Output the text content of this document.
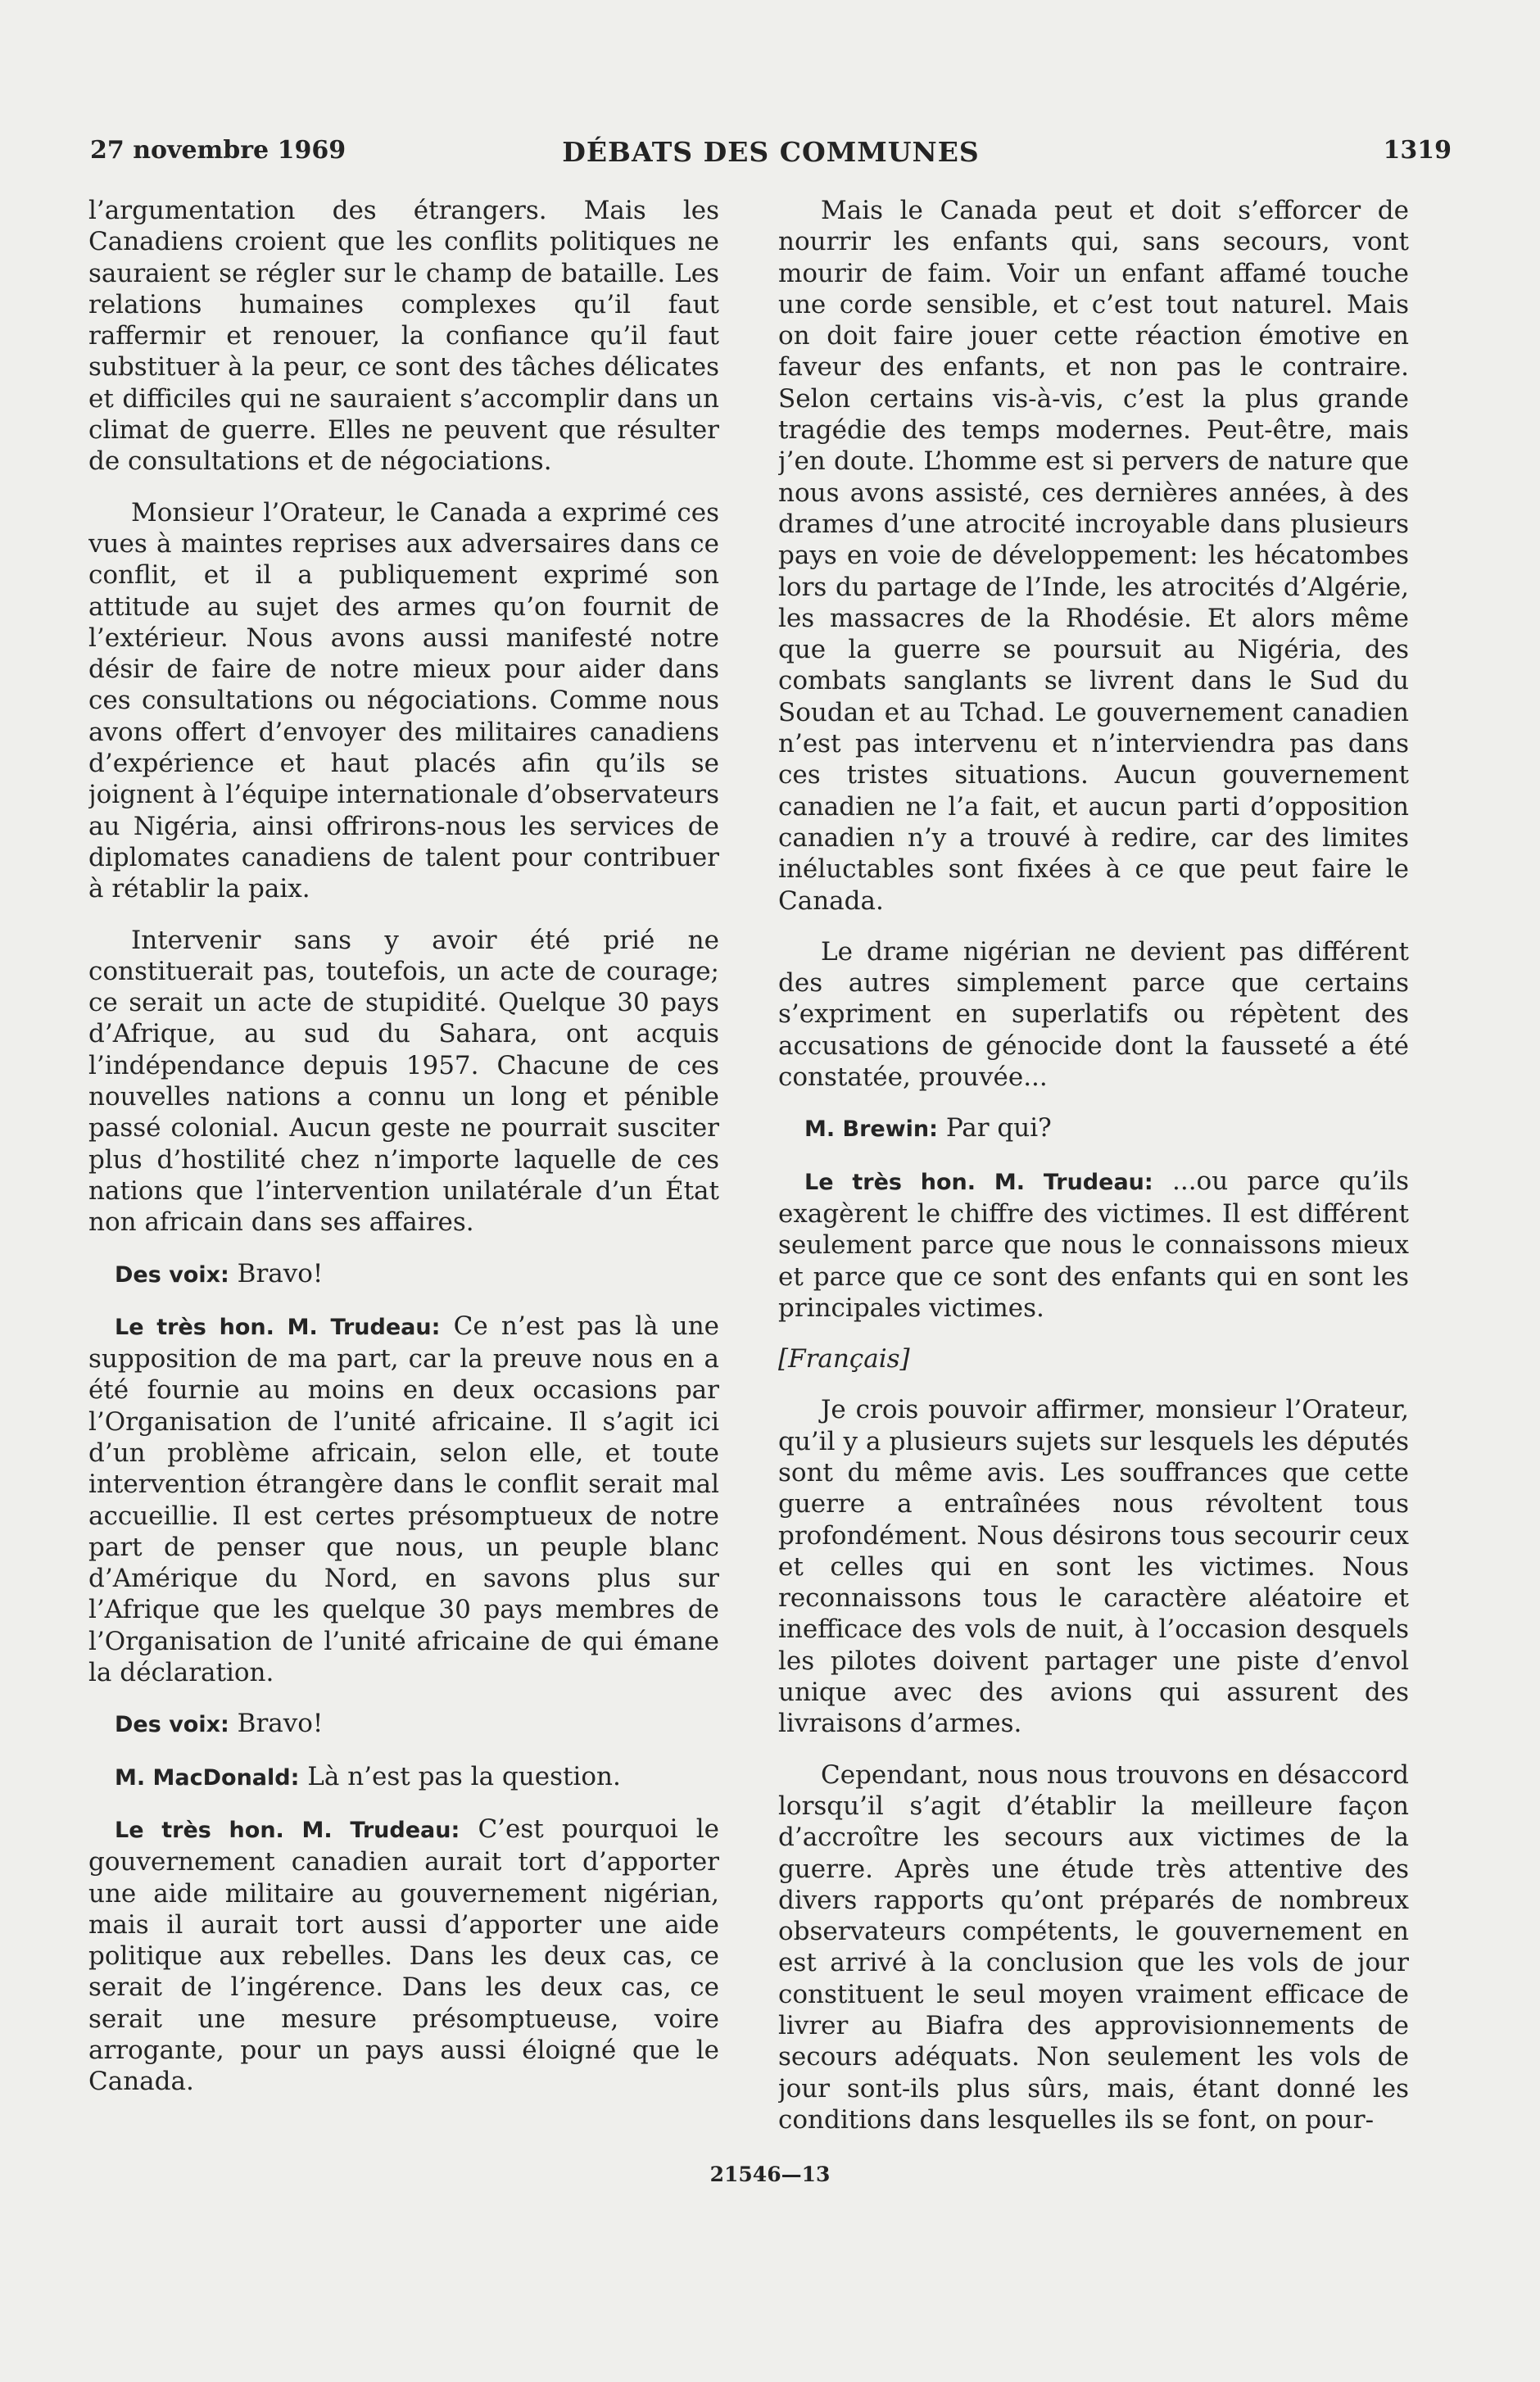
27 novembre 1969	DÉBATS DES COMMUNES	1319

l’argumentation des étrangers. Mais les Canadiens croient que les conflits politiques ne sauraient se régler sur le champ de bataille. Les relations humaines complexes qu’il faut raffermir et renouer, la confiance qu’il faut substituer à la peur, ce sont des tâches délicates et difficiles qui ne sauraient s’accomplir dans un climat de guerre. Elles ne peuvent que résulter de consultations et de négociations.

Monsieur l’Orateur, le Canada a exprimé ces vues à maintes reprises aux adversaires dans ce conflit, et il a publiquement exprimé son attitude au sujet des armes qu’on fournit de l’extérieur. Nous avons aussi manifesté notre désir de faire de notre mieux pour aider dans ces consultations ou négociations. Comme nous avons offert d’envoyer des militaires canadiens d’expérience et haut placés afin qu’ils se joignent à l’équipe internationale d’observateurs au Nigéria, ainsi offrirons-nous les services de diplomates canadiens de talent pour contribuer à rétablir la paix.

Intervenir sans y avoir été prié ne constituerait pas, toutefois, un acte de courage; ce serait un acte de stupidité. Quelque 30 pays d’Afrique, au sud du Sahara, ont acquis l’indépendance depuis 1957. Chacune de ces nouvelles nations a connu un long et pénible passé colonial. Aucun geste ne pourrait susciter plus d’hostilité chez n’importe laquelle de ces nations que l’intervention unilatérale d’un État non africain dans ses affaires.

Des voix: Bravo!

Le très hon. M. Trudeau: Ce n’est pas là une supposition de ma part, car la preuve nous en a été fournie au moins en deux occasions par l’Organisation de l’unité africaine. Il s’agit ici d’un problème africain, selon elle, et toute intervention étrangère dans le conflit serait mal accueillie. Il est certes présomptueux de notre part de penser que nous, un peuple blanc d’Amérique du Nord, en savons plus sur l’Afrique que les quelque 30 pays membres de l’Organisation de l’unité africaine de qui émane la déclaration.

Des voix: Bravo!

M. MacDonald: Là n’est pas la question.

Le très hon. M. Trudeau: C’est pourquoi le gouvernement canadien aurait tort d’apporter une aide militaire au gouvernement nigérian, mais il aurait tort aussi d’apporter une aide politique aux rebelles. Dans les deux cas, ce serait de l’ingérence. Dans les deux cas, ce serait une mesure présomptueuse, voire arrogante, pour un pays aussi éloigné que le Canada.

Mais le Canada peut et doit s’efforcer de nourrir les enfants qui, sans secours, vont mourir de faim. Voir un enfant affamé touche une corde sensible, et c’est tout naturel. Mais on doit faire jouer cette réaction émotive en faveur des enfants, et non pas le contraire. Selon certains vis-à-vis, c’est la plus grande tragédie des temps modernes. Peut-être, mais j’en doute. L’homme est si pervers de nature que nous avons assisté, ces dernières années, à des drames d’une atrocité incroyable dans plusieurs pays en voie de développement: les hécatombes lors du partage de l’Inde, les atrocités d’Algérie, les massacres de la Rhodésie. Et alors même que la guerre se poursuit au Nigéria, des combats sanglants se livrent dans le Sud du Soudan et au Tchad. Le gouvernement canadien n’est pas intervenu et n’interviendra pas dans ces tristes situations. Aucun gouvernement canadien ne l’a fait, et aucun parti d’opposition canadien n’y a trouvé à redire, car des limites inéluctables sont fixées à ce que peut faire le Canada.

Le drame nigérian ne devient pas différent des autres simplement parce que certains s’expriment en superlatifs ou répètent des accusations de génocide dont la fausseté a été constatée, prouvée...

M. Brewin: Par qui?

Le très hon. M. Trudeau: ...ou parce qu’ils exagèrent le chiffre des victimes. Il est différent seulement parce que nous le connaissons mieux et parce que ce sont des enfants qui en sont les principales victimes.

[Français]

Je crois pouvoir affirmer, monsieur l’Orateur, qu’il y a plusieurs sujets sur lesquels les députés sont du même avis. Les souffrances que cette guerre a entraînées nous révoltent tous profondément. Nous désirons tous secourir ceux et celles qui en sont les victimes. Nous reconnaissons tous le caractère aléatoire et inefficace des vols de nuit, à l’occasion desquels les pilotes doivent partager une piste d’envol unique avec des avions qui assurent des livraisons d’armes.

Cependant, nous nous trouvons en désaccord lorsqu’il s’agit d’établir la meilleure façon d’accroître les secours aux victimes de la guerre. Après une étude très attentive des divers rapports qu’ont préparés de nombreux observateurs compétents, le gouvernement en est arrivé à la conclusion que les vols de jour constituent le seul moyen vraiment efficace de livrer au Biafra des approvisionnements de secours adéquats. Non seulement les vols de jour sont-ils plus sûrs, mais, étant donné les conditions dans lesquelles ils se font, on pour-

21546—13
